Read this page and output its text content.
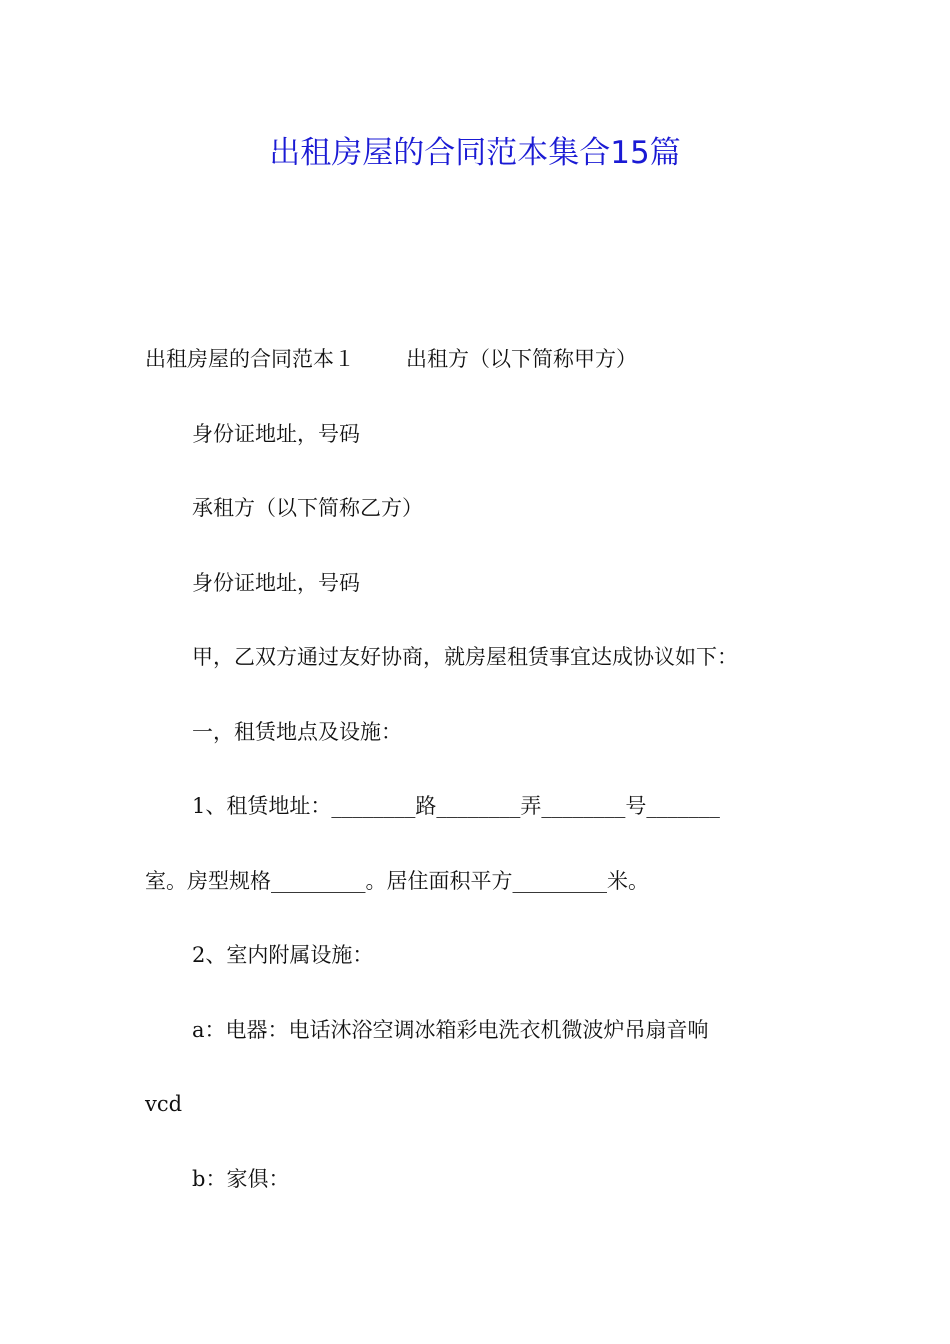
出租房屋的合同范本集合15篇
出租房屋的合同范本１ 出租方（以下简称甲方）
身份证地址，号码
承租方（以下简称乙方）
身份证地址，号码
甲，乙双方通过友好协商，就房屋租赁事宜达成协议如下：
一，租赁地点及设施：
1、租赁地址：________路________弄________号_______
室。房型规格_________。居住面积平方_________米。
2、室内附属设施：
a：电器：电话沐浴空调冰箱彩电洗衣机微波炉吊扇音响
vcd
b：家俱：
